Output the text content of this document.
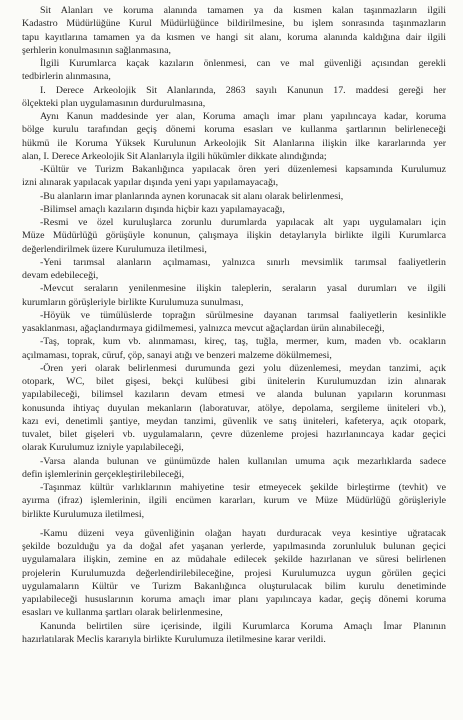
Sit Alanları ve koruma alanında tamamen ya da kısmen kalan taşınmazların ilgili
Kadastro Müdürlüğüne Kurul Müdürlüğünce bildirilmesine, bu işlem sonrasında taşınmazların
tapu kayıtlarına tamamen ya da kısmen ve hangi sit alanı, koruma alanında kaldığına dair ilgili
şerhlerin konulmasının sağlanmasına,
İlgili Kurumlarca kaçak kazıların önlenmesi, can ve mal güvenliği açısından gerekli
tedbirlerin alınmasına,
I. Derece Arkeolojik Sit Alanlarında, 2863 sayılı Kanunun 17. maddesi gereği her
ölçekteki plan uygulamasının durdurulmasına,
Aynı Kanun maddesinde yer alan, Koruma amaçlı imar planı yapılıncaya kadar, koruma
bölge kurulu tarafından geçiş dönemi koruma esasları ve kullanma şartlarının belirleneceği
hükmü ile Koruma Yüksek Kurulunun Arkeolojik Sit Alanlarına ilişkin ilke kararlarında yer
alan, I. Derece Arkeolojik Sit Alanlarıyla ilgili hükümler dikkate alındığında;
-Kültür ve Turizm Bakanlığınca yapılacak ören yeri düzenlemesi kapsamında Kurulumuz
izni alınarak yapılacak yapılar dışında yeni yapı yapılamayacağı,
-Bu alanların imar planlarında aynen korunacak sit alanı olarak belirlenmesi,
-Bilimsel amaçlı kazıların dışında hiçbir kazı yapılamayacağı,
-Resmi ve özel kuruluşlarca zorunlu durumlarda yapılacak alt yapı uygulamaları için
Müze Müdürlüğü görüşüyle konunun, çalışmaya ilişkin detaylarıyla birlikte ilgili Kurumlarca
değerlendirilmek üzere Kurulumuza iletilmesi,
-Yeni tarımsal alanların açılmaması, yalnızca sınırlı mevsimlik tarımsal faaliyetlerin
devam edebileceği,
-Mevcut seraların yenilenmesine ilişkin taleplerin, seraların yasal durumları ve ilgili
kurumların görüşleriyle birlikte Kurulumuza sunulması,
-Höyük ve tümülüslerde toprağın sürülmesine dayanan tarımsal faaliyetlerin kesinlikle
yasaklanması, ağaçlandırmaya gidilmemesi, yalnızca mevcut ağaçlardan ürün alınabileceği,
-Taş, toprak, kum vb. alınmaması, kireç, taş, tuğla, mermer, kum, maden vb. ocakların
açılmaması, toprak, cüruf, çöp, sanayi atığı ve benzeri malzeme dökülmemesi,
-Ören yeri olarak belirlenmesi durumunda gezi yolu düzenlemesi, meydan tanzimi, açık
otopark, WC, bilet gişesi, bekçi kulübesi gibi ünitelerin Kurulumuzdan izin alınarak
yapılabileceği, bilimsel kazıların devam etmesi ve alanda bulunan yapıların korunması
konusunda ihtiyaç duyulan mekanların (laboratuvar, atölye, depolama, sergileme üniteleri vb.),
kazı evi, denetimli şantiye, meydan tanzimi, güvenlik ve satış üniteleri, kafeterya, açık otopark,
tuvalet, bilet gişeleri vb. uygulamaların, çevre düzenleme projesi hazırlanıncaya kadar geçici
olarak Kurulumuz izniyle yapılabileceği,
-Varsa alanda bulunan ve günümüzde halen kullanılan umuma açık mezarlıklarda sadece
defin işlemlerinin gerçekleştirilebileceği,
-Taşınmaz kültür varlıklarının mahiyetine tesir etmeyecek şekilde birleştirme (tevhit) ve
ayırma (ifraz) işlemlerinin, ilgili encümen kararları, kurum ve Müze Müdürlüğü görüşleriyle
birlikte Kurulumuza iletilmesi,
-Kamu düzeni veya güvenliğinin olağan hayatı durduracak veya kesintiye uğratacak
şekilde bozulduğu ya da doğal afet yaşanan yerlerde, yapılmasında zorunluluk bulunan geçici
uygulamalara ilişkin, zemine en az müdahale edilecek şekilde hazırlanan ve süresi belirlenen
projelerin Kurulumuzda değerlendirilebileceğine, projesi Kurulumuzca uygun görülen geçici
uygulamaların Kültür ve Turizm Bakanlığınca oluşturulacak bilim kurulu denetiminde
yapılabileceği hususlarının koruma amaçlı imar planı yapılıncaya kadar, geçiş dönemi koruma
esasları ve kullanma şartları olarak belirlenmesine,
Kanunda belirtilen süre içerisinde, ilgili Kurumlarca Koruma Amaçlı İmar Planının
hazırlatılarak Meclis kararıyla birlikte Kurulumuza iletilmesine karar verildi.
